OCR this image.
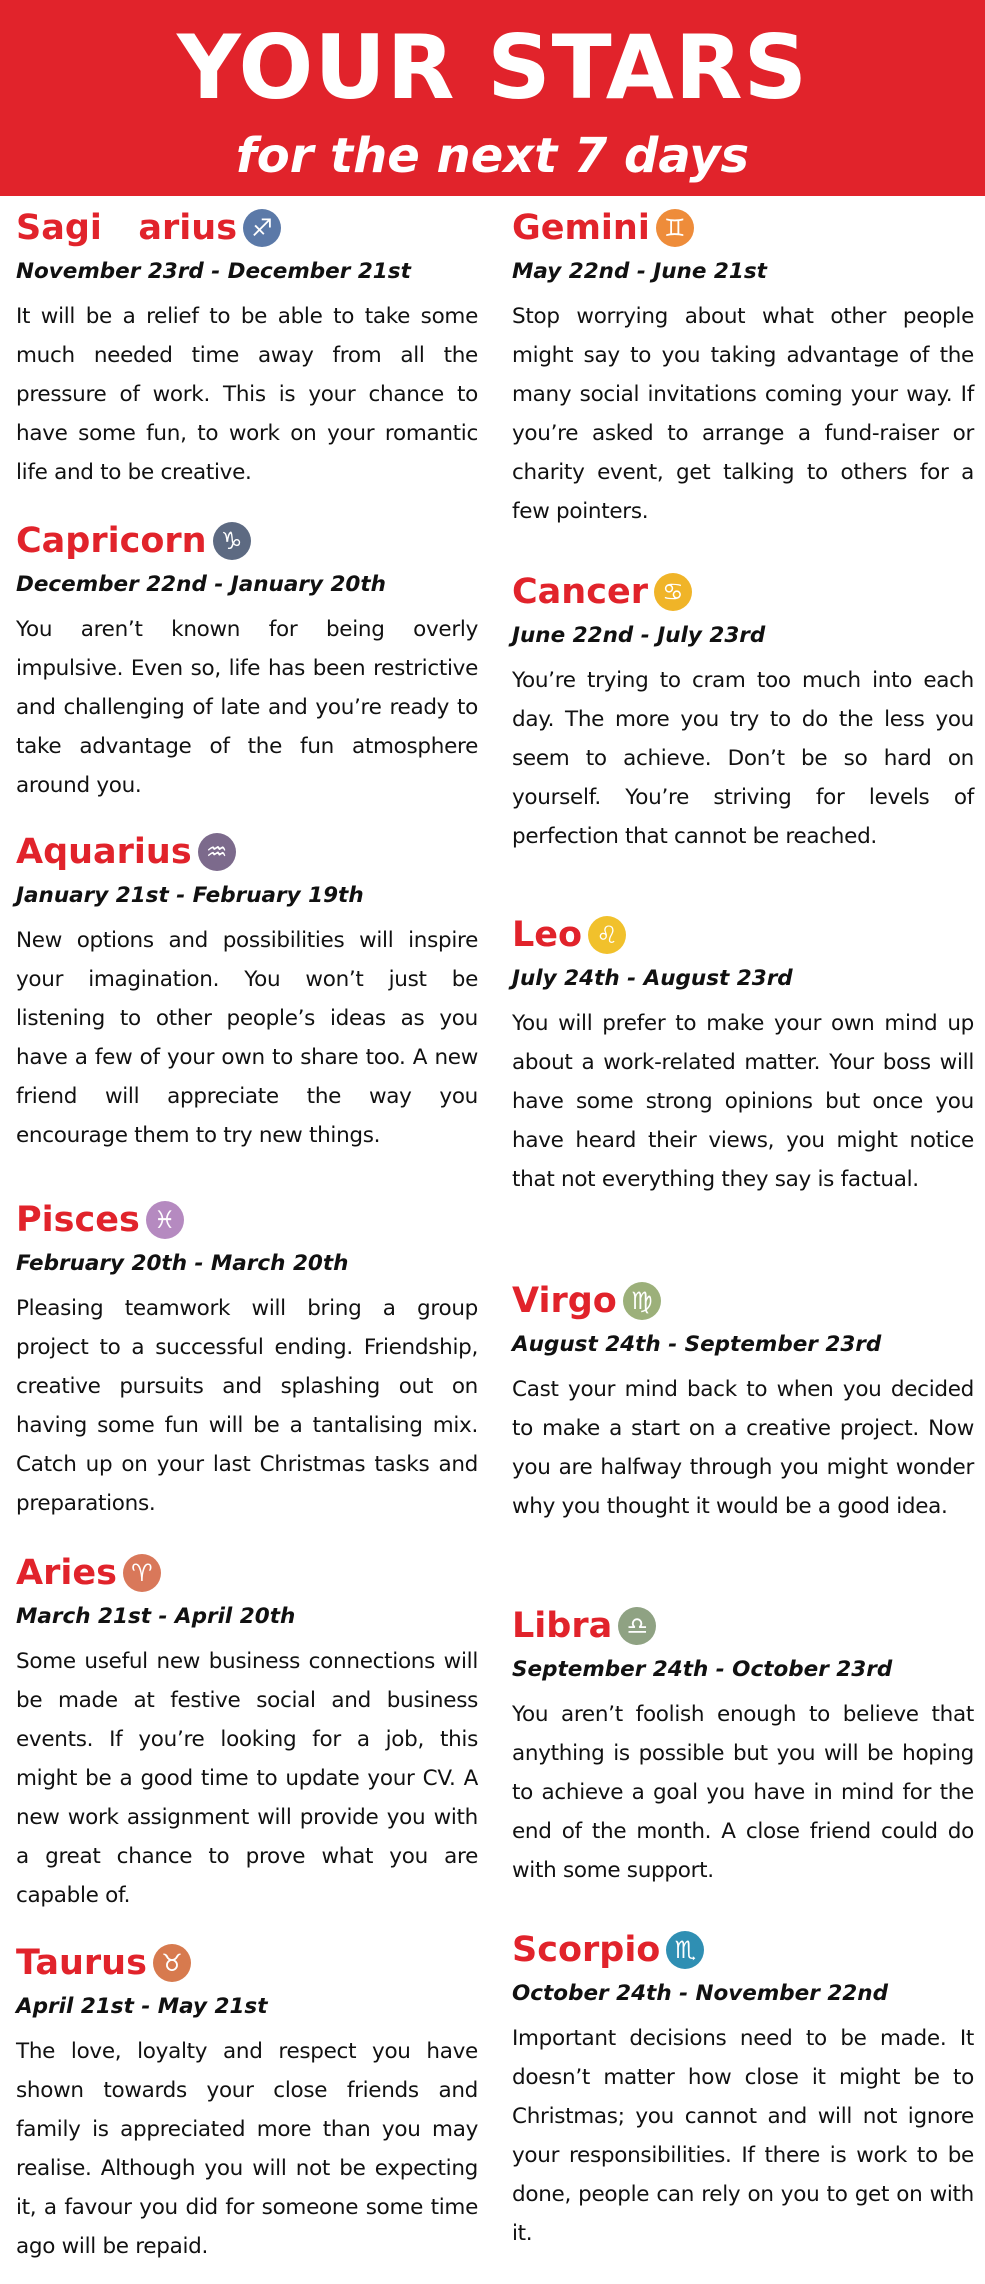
YOUR STARS
for the next 7 days
Sagi   arius ♐
November 23rd - December 21st
It will be a relief to be able to take some much needed time away from all the pressure of work. This is your chance to have some fun, to work on your romantic life and to be creative.
Capricorn ♑
December 22nd - January 20th
You aren’t known for being overly impulsive. Even so, life has been restrictive and challenging of late and you’re ready to take advantage of the fun atmosphere around you.
Aquarius ♒
January 21st - February 19th
New options and possibilities will inspire your imagination. You won’t just be listening to other people’s ideas as you have a few of your own to share too. A new friend will appreciate the way you encourage them to try new things.
Pisces ♓
February 20th - March 20th
Pleasing teamwork will bring a group project to a successful ending. Friendship, creative pursuits and splashing out on having some fun will be a tantalising mix. Catch up on your last Christmas tasks and preparations.
Aries ♈
March 21st - April 20th
Some useful new business connections will be made at festive social and business events. If you’re looking for a job, this might be a good time to update your CV. A new work assignment will provide you with a great chance to prove what you are capable of.
Taurus ♉
April 21st - May 21st
The love, loyalty and respect you have shown towards your close friends and family is appreciated more than you may realise. Although you will not be expecting it, a favour you did for someone some time ago will be repaid.
Gemini ♊
May 22nd - June 21st
Stop worrying about what other people might say to you taking advantage of the many social invitations coming your way. If you’re asked to arrange a fund-raiser or charity event, get talking to others for a few pointers.
Cancer ♋
June 22nd - July 23rd
You’re trying to cram too much into each day. The more you try to do the less you seem to achieve. Don’t be so hard on yourself. You’re striving for levels of perfection that cannot be reached.
Leo ♌
July 24th - August 23rd
You will prefer to make your own mind up about a work-related matter. Your boss will have some strong opinions but once you have heard their views, you might notice that not everything they say is factual.
Virgo ♍
August 24th - September 23rd
Cast your mind back to when you decided to make a start on a creative project. Now you are halfway through you might wonder why you thought it would be a good idea.
Libra ♎
September 24th - October 23rd
You aren’t foolish enough to believe that anything is possible but you will be hoping to achieve a goal you have in mind for the end of the month. A close friend could do with some support.
Scorpio ♏
October 24th - November 22nd
Important decisions need to be made. It doesn’t matter how close it might be to Christmas; you cannot and will not ignore your responsibilities. If there is work to be done, people can rely on you to get on with it.
